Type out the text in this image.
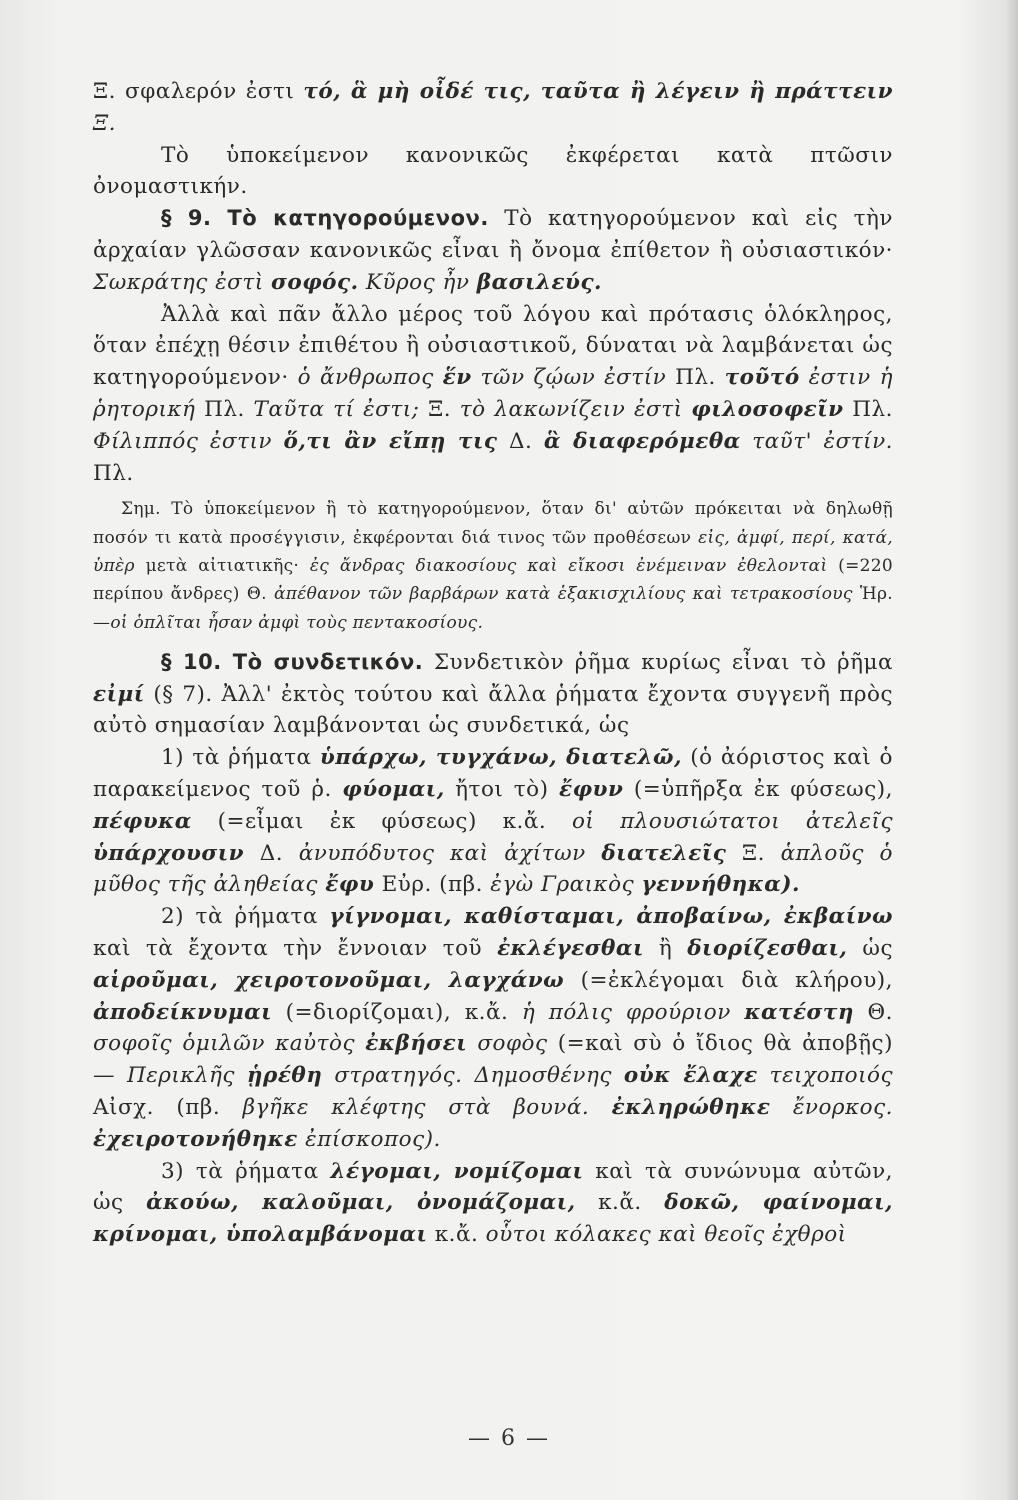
Ξ. σφαλερόν ἐστι τό, ἃ μὴ οἶδέ τις, ταῦτα ἢ λέγειν ἢ πράττειν Ξ.

Τὸ ὑποκείμενον κανονικῶς ἐκφέρεται κατὰ πτῶσιν ὀνομαστικήν.

§ 9. Τὸ κατηγορούμενον. Τὸ κατηγορούμενον καὶ εἰς τὴν ἀρχαίαν γλῶσσαν κανονικῶς εἶναι ἢ ὄνομα ἐπίθετον ἢ οὐσιαστικόν· Σωκράτης ἐστὶ σοφός. Κῦρος ἦν βασιλεύς.

Ἀλλὰ καὶ πᾶν ἄλλο μέρος τοῦ λόγου καὶ πρότασις ὁλόκληρος, ὅταν ἐπέχῃ θέσιν ἐπιθέτου ἢ οὐσιαστικοῦ, δύναται νὰ λαμβάνεται ὡς κατηγορούμενον· ὁ ἄνθρωπος ἕν τῶν ζῴων ἐστίν Πλ. τοῦτό ἐστιν ἡ ῥητορική Πλ. Ταῦτα τί ἐστι; Ξ. τὸ λακωνίζειν ἐστὶ φιλοσοφεῖν Πλ. Φίλιππός ἐστιν ὅ,τι ἂν εἴπῃ τις Δ. ἃ διαφερόμεθα ταῦτ' ἐστίν. Πλ.

Σημ. Τὸ ὑποκείμενον ἢ τὸ κατηγορούμενον, ὅταν δι' αὐτῶν πρόκειται νὰ δηλωθῇ ποσόν τι κατὰ προσέγγισιν, ἐκφέρονται διά τινος τῶν προθέσεων εἰς, ἀμφί, περί, κατά, ὑπὲρ μετὰ αἰτιατικῆς· ἐς ἄνδρας διακοσίους καὶ εἴκοσι ἐνέμειναν ἐθελονταὶ (=220 περίπου ἄνδρες) Θ. ἀπέθανον τῶν βαρβάρων κατὰ ἑξακισχιλίους καὶ τετρακοσίους Ἡρ.—οἱ ὁπλῖται ἦσαν ἀμφὶ τοὺς πεντακοσίους.

§ 10. Τὸ συνδετικόν. Συνδετικὸν ῥῆμα κυρίως εἶναι τὸ ῥῆμα εἰμί (§ 7). Ἀλλ' ἐκτὸς τούτου καὶ ἄλλα ῥήματα ἔχοντα συγγενῆ πρὸς αὐτὸ σημασίαν λαμβάνονται ὡς συνδετικά, ὡς

1) τὰ ῥήματα ὑπάρχω, τυγχάνω, διατελῶ, (ὁ ἀόριστος καὶ ὁ παρακείμενος τοῦ ῥ. φύομαι, ἤτοι τὸ) ἔφυν (=ὑπῆρξα ἐκ φύσεως), πέφυκα (=εἶμαι ἐκ φύσεως) κ.ἄ. οἱ πλουσιώτατοι ἀτελεῖς ὑπάρχουσιν Δ. ἀνυπόδυτος καὶ ἀχίτων διατελεῖς Ξ. ἁπλοῦς ὁ μῦθος τῆς ἀληθείας ἔφυ Εὐρ. (πβ. ἐγὼ Γραικὸς γεννήθηκα).

2) τὰ ῥήματα γίγνομαι, καθίσταμαι, ἀποβαίνω, ἐκβαίνω καὶ τὰ ἔχοντα τὴν ἔννοιαν τοῦ ἐκλέγεσθαι ἢ διορίζεσθαι, ὡς αἱροῦμαι, χειροτονοῦμαι, λαγχάνω (=ἐκλέγομαι διὰ κλήρου), ἀποδείκνυμαι (=διορίζομαι), κ.ἄ. ἡ πόλις φρούριον κατέστη Θ. σοφοῖς ὁμιλῶν κaὐτὸς ἐκβήσει σοφὸς (=καὶ σὺ ὁ ἴδιος θὰ ἀποβῇς) — Περικλῆς ᾑρέθη στρατηγός. Δημοσθένης οὐκ ἔλαχε τειχοποιός Αἰσχ. (πβ. βγῆκε κλέφτης στὰ βουνά. ἐκληρώθηκε ἔνορκος. ἐχειροτονήθηκε ἐπίσκοπος).

3) τὰ ῥήματα λέγομαι, νομίζομαι καὶ τὰ συνώνυμα αὐτῶν, ὡς ἀκούω, καλοῦμαι, ὀνομάζομαι, κ.ἄ. δοκῶ, φαίνομαι, κρίνομαι, ὑπολαμβάνομαι κ.ἄ. οὗτοι κόλακες καὶ θεοῖς ἐχθροὶ

— 6 —
